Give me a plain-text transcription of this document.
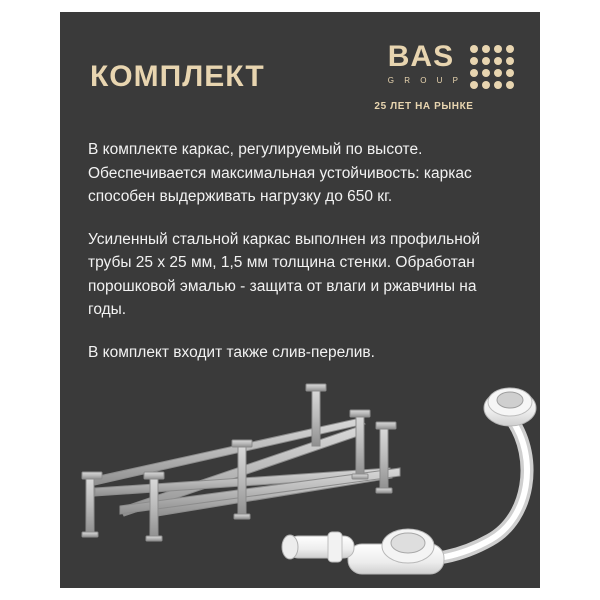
КОМПЛЕКТ
BAS
G R O U P
25 ЛЕТ НА РЫНКЕ

В комплекте каркас, регулируемый по высоте. Обеспечивается максимальная устойчивость: каркас способен выдерживать нагрузку до 650 кг.

Усиленный стальной каркас выполнен из профильной трубы 25 х 25 мм, 1,5 мм толщина стенки. Обработан порошковой эмалью - защита от влаги и ржавчины на годы.

В комплект входит также слив-перелив.
